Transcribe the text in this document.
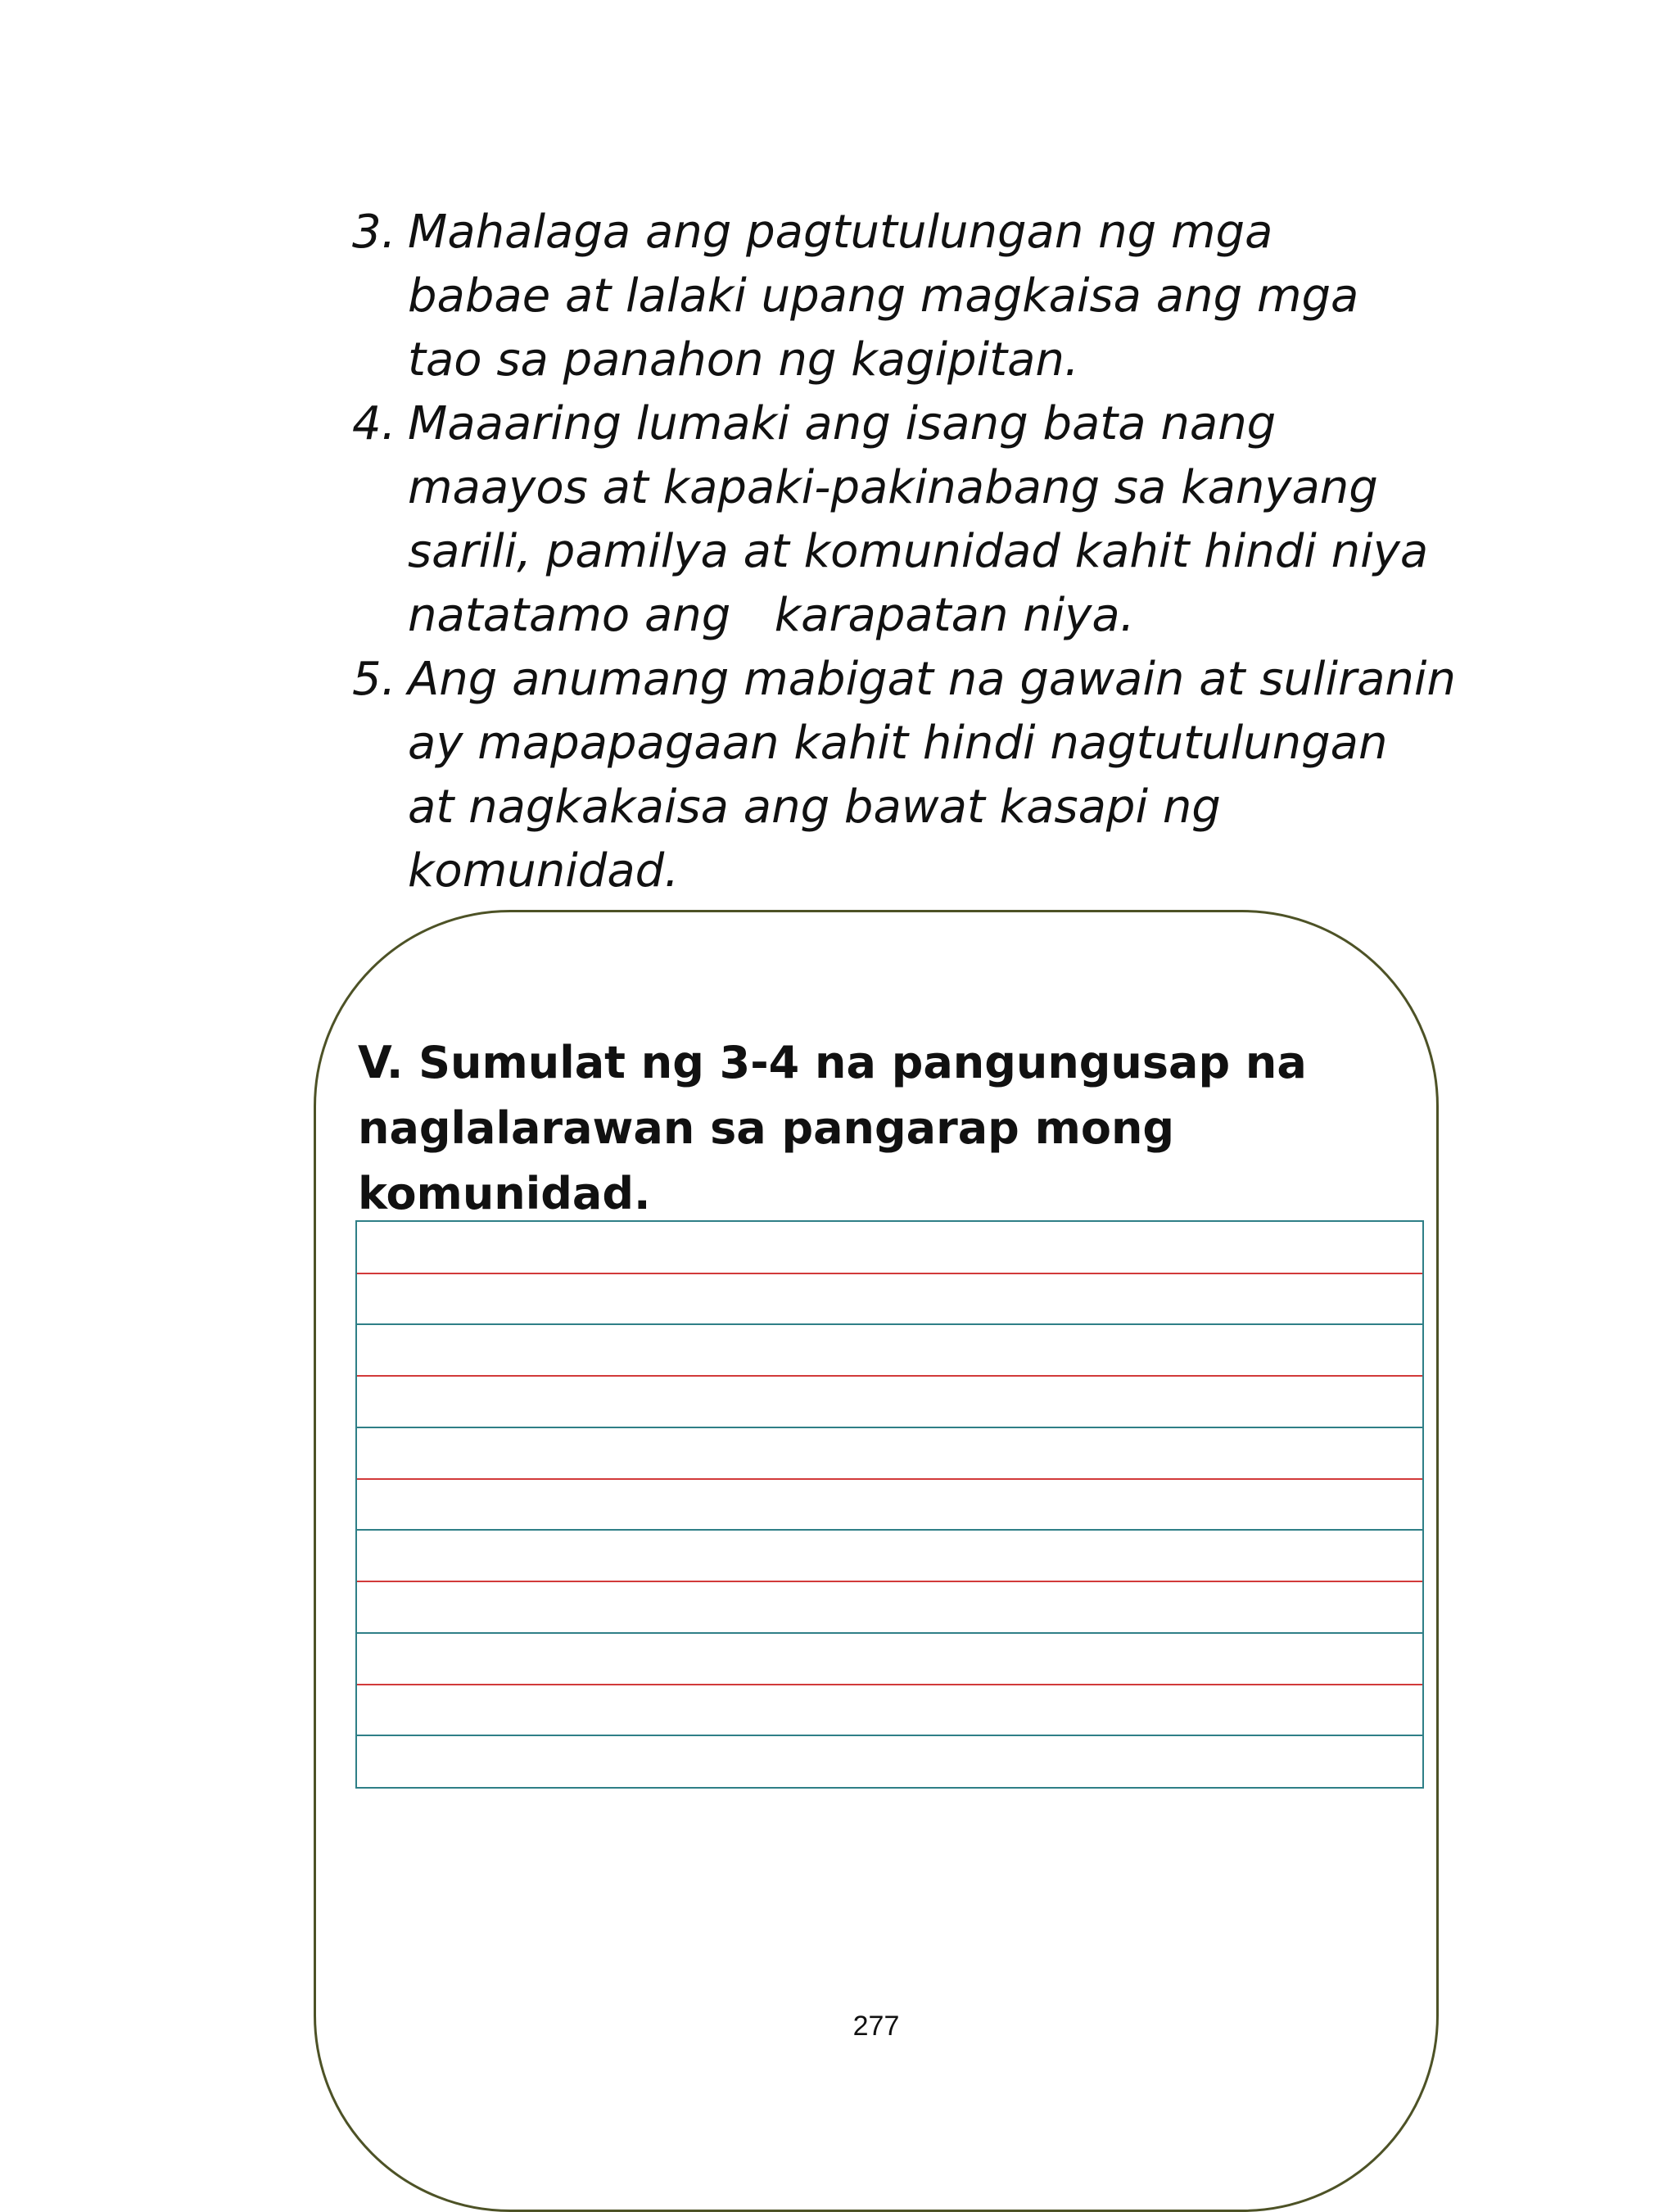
3. Mahalaga ang pagtutulungan ng mga
babae at lalaki upang magkaisa ang mga
tao sa panahon ng kagipitan.
4. Maaaring lumaki ang isang bata nang
maayos at kapaki-pakinabang sa kanyang
sarili, pamilya at komunidad kahit hindi niya
natatamo ang   karapatan niya.
5. Ang anumang mabigat na gawain at suliranin
ay mapapagaan kahit hindi nagtutulungan
at nagkakaisa ang bawat kasapi ng
komunidad.
V. Sumulat ng 3-4 na pangungusap na
naglalarawan sa pangarap mong komunidad.
277
